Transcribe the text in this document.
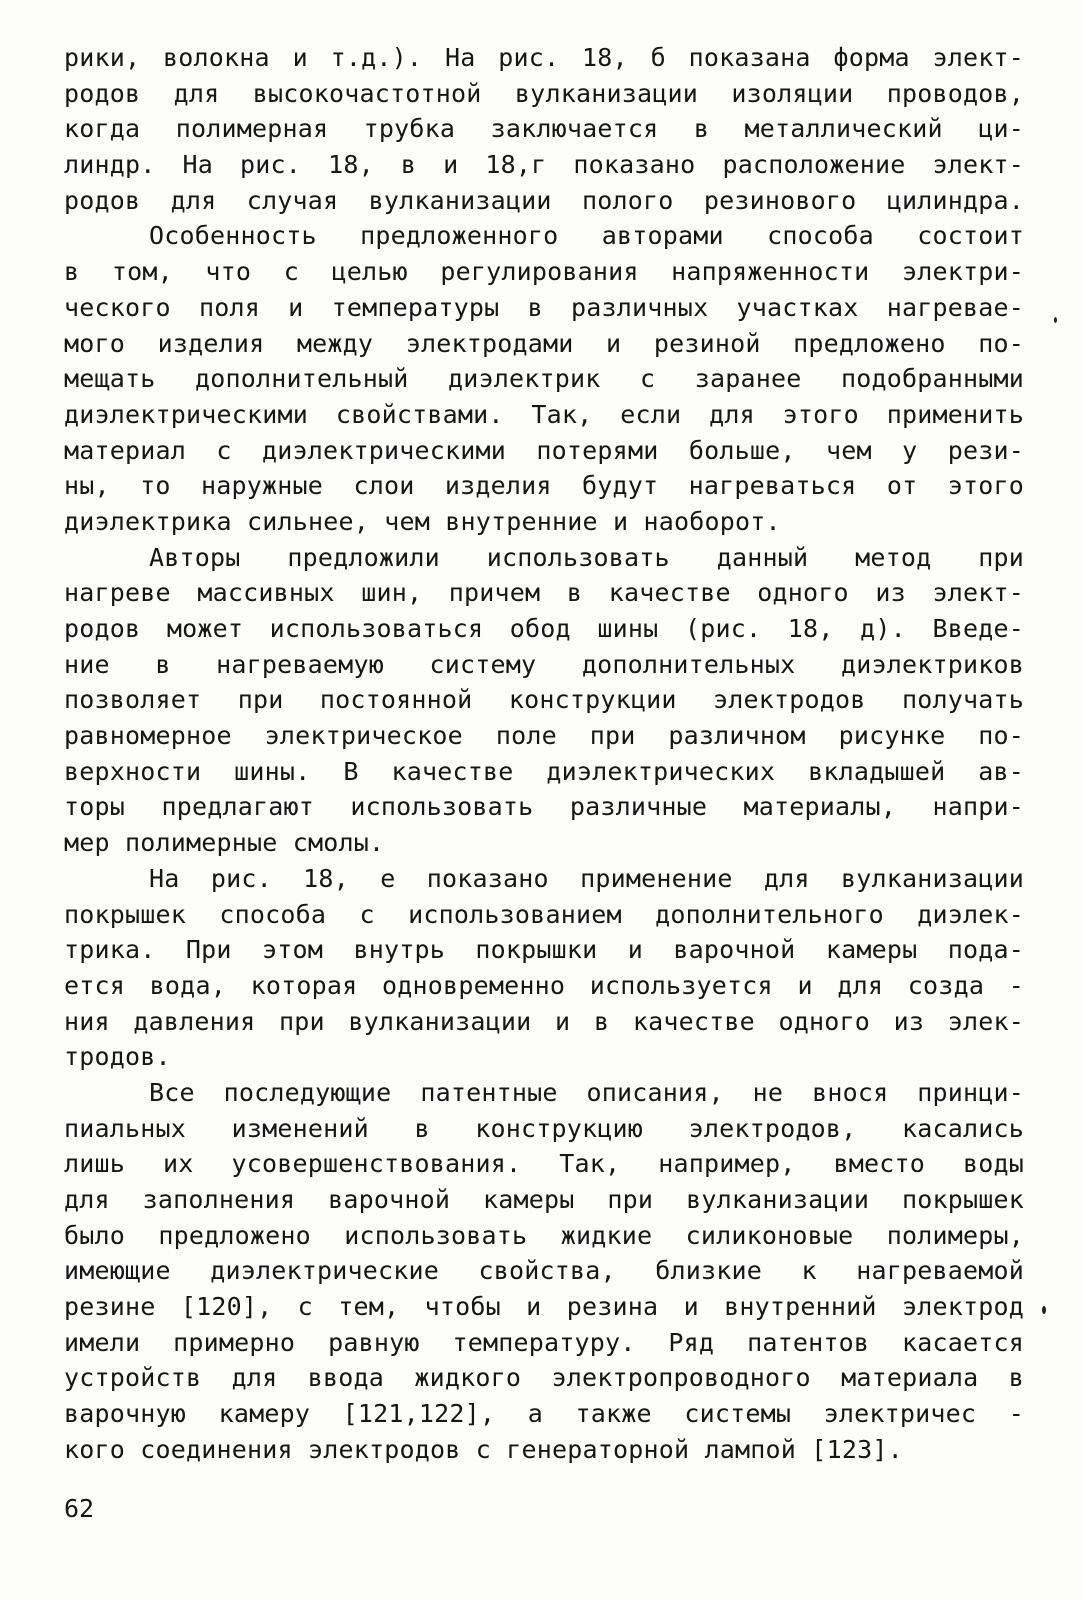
рики, волокна и т.д.). На рис. 18, б показана форма элект-
родов для высокочастотной вулканизации изоляции проводов,
когда полимерная трубка заключается в металлический ци-
линдр. На рис. 18, в и 18,г показано расположение элект-
родов для случая вулканизации полого резинового цилиндра.
Особенность предложенного авторами способа состоит
в том, что с целью регулирования напряженности электри-
ческого поля и температуры в различных участках нагревае-
мого изделия между электродами и резиной предложено по-
мещать дополнительный диэлектрик с заранее подобранными
диэлектрическими свойствами. Так, если для этого применить
материал с диэлектрическими потерями больше, чем у рези-
ны, то наружные слои изделия будут нагреваться от этого
диэлектрика сильнее, чем внутренние и наоборот.
Авторы предложили использовать данный метод при
нагреве массивных шин, причем в качестве одного из элект-
родов может использоваться обод шины (рис. 18, д). Введе-
ние в нагреваемую систему дополнительных диэлектриков
позволяет при постоянной конструкции электродов получать
равномерное электрическое поле при различном рисунке по-
верхности шины. В качестве диэлектрических вкладышей ав-
торы предлагают использовать различные материалы, напри-
мер полимерные смолы.
На рис. 18, е показано применение для вулканизации
покрышек способа с использованием дополнительного диэлек-
трика. При этом внутрь покрышки и варочной камеры пода-
ется вода, которая одновременно используется и для созда -
ния давления при вулканизации и в качестве одного из элек-
тродов.
Все последующие патентные описания, не внося принци-
пиальных изменений в конструкцию электродов, касались
лишь их усовершенствования. Так, например, вместо воды
для заполнения варочной камеры при вулканизации покрышек
было предложено использовать жидкие силиконовые полимеры,
имеющие диэлектрические свойства, близкие к нагреваемой
резине [120], с тем, чтобы и резина и внутренний электрод
имели примерно равную температуру. Ряд патентов касается
устройств для ввода жидкого электропроводного материала в
варочную камеру [121,122], а также системы электричес -
кого соединения электродов с генераторной лампой [123].
62
